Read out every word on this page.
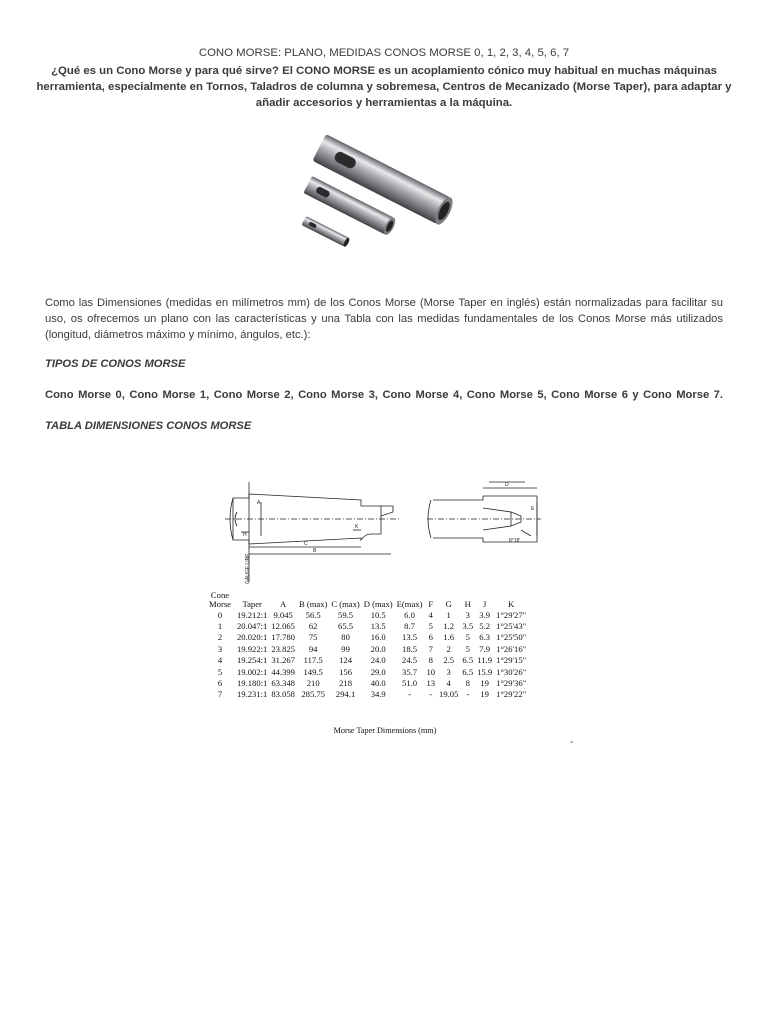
CONO MORSE: PLANO, MEDIDAS CONOS MORSE 0, 1, 2, 3, 4, 5, 6, 7
¿Qué es un Cono Morse y para qué sirve? El CONO MORSE es un acoplamiento cónico muy habitual en muchas máquinas herramienta, especialmente en Tornos, Taladros de columna y sobremesa, Centros de Mecanizado (Morse Taper), para adaptar y añadir accesorios y herramientas a la máquina.
Como las Dimensiones (medidas en milímetros mm) de los Conos Morse (Morse Taper en inglés) están normalizadas para facilitar su uso, os ofrecemos un plano con las características y una Tabla con las medidas fundamentales de los Conos Morse más utilizados (longitud, diámetros máximo y mínimo, ángulos, etc.):
TIPOS DE CONOS MORSE
Cono Morse 0, Cono Morse 1, Cono Morse 2, Cono Morse 3, Cono Morse 4, Cono Morse 5, Cono Morse 6 y Cono Morse 7.
TABLA DIMENSIONES CONOS MORSE
A
C
B
D
E
H
K
8°18'
GAUGE LINE
Cone Morse	Taper	A	B (max)	C (max)	D (max)	E(max)	F	G	H	J	K
0	19.212:1	9.045	56.5	59.5	10.5	6.0	4	1	3	3.9	1°29'27"
1	20.047:1	12.065	62	65.5	13.5	8.7	5	1.2	3.5	5.2	1°25'43"
2	20.020:1	17.780	75	80	16.0	13.5	6	1.6	5	6.3	1°25'50"
3	19.922:1	23.825	94	99	20.0	18.5	7	2	5	7.9	1°26'16"
4	19.254:1	31.267	117.5	124	24.0	24.5	8	2.5	6.5	11.9	1°29'15"
5	19.002:1	44.399	149.5	156	29.0	35.7	10	3	6.5	15.9	1°30'26"
6	19.180:1	63.348	210	218	40.0	51.0	13	4	8	19	1°29'36"
7	19.231:1	83.058	285.75	294.1	34.9	-	-	19.05	-	19	1°29'22"
Morse Taper Dimensions (mm)
-
